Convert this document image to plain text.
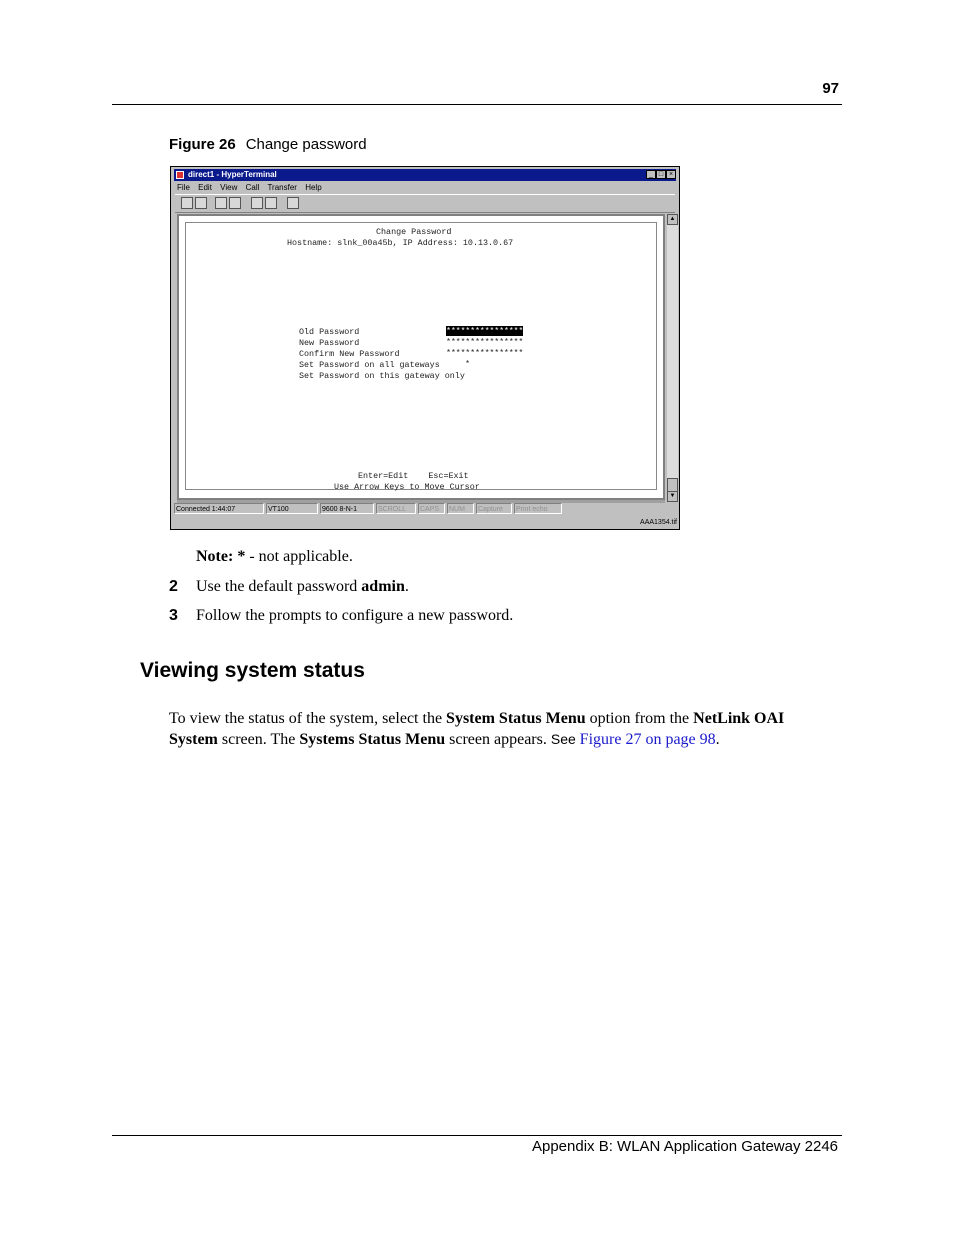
97
Figure 26 Change password
direct1 - HyperTerminal	_ □ ×
File Edit View Call Transfer Help
Change Password
Hostname: slnk_00a45b, IP Address: 10.13.0.67
Old Password	****************
New Password	****************
Confirm New Password	****************
Set Password on all gateways	*
Set Password on this gateway only
Enter=Edit    Esc=Exit
Use Arrow Keys to Move Cursor
▲
▼
Connected 1:44:07	VT100	9600 8-N-1	SCROLL	CAPS	NUM	Capture	Print echo
AAA1354.tif
Note: * - not applicable.
2 Use the default password admin.
3 Follow the prompts to configure a new password.
Viewing system status
To view the status of the system, select the System Status Menu option from the NetLink OAI System screen. The Systems Status Menu screen appears. See Figure 27 on page 98.
Appendix B: WLAN Application Gateway 2246
